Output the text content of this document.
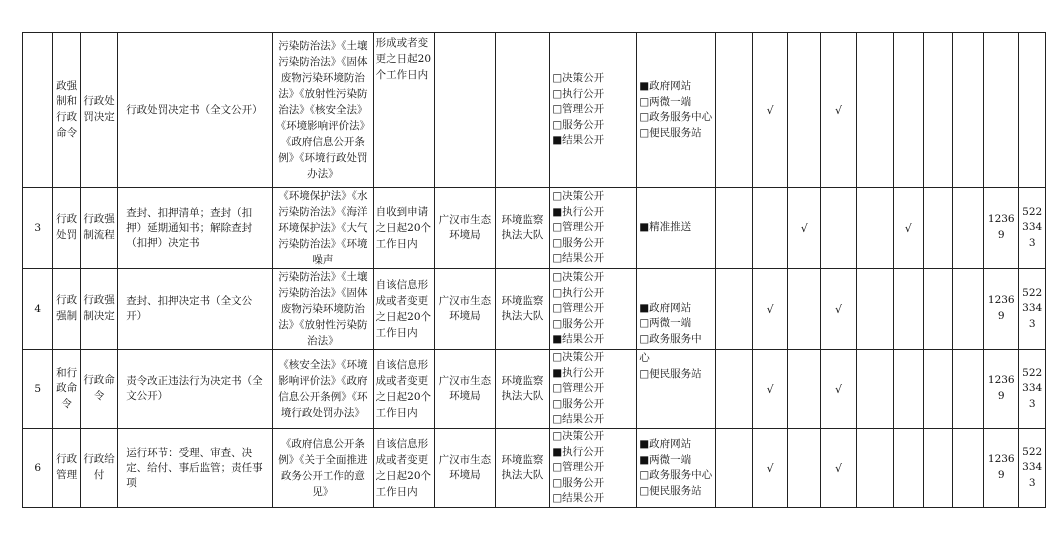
	政强制和行政命令	行政处罚决定	行政处罚决定书（全文公开）	污染防治法》《土壤污染防治法》《固体废物污染环境防治法》《放射性污染防治法》《核安全法》《环境影响评价法》《政府信息公开条例》《环境行政处罚办法》	形成或者变更之日起20个工作日内			□决策公开
□执行公开
□管理公开
□服务公开
■结果公开	■政府网站
□两微一端
□政务服务中心
□便民服务站		√		√						
3	行政处罚	行政强制流程	查封、扣押清单；查封（扣押）延期通知书；解除查封（扣押）决定书	《环境保护法》《水污染防治法》《海洋环境保护法》《大气污染防治法》《环境噪声	自收到申请之日起20个工作日内	广汉市生态环境局	环境监察执法大队	□决策公开
■执行公开
□管理公开
□服务公开
□结果公开	■精准推送			√			√			12369	5223343
4	行政强制	行政强制决定	查封、扣押决定书（全文公开）	污染防治法》《土壤污染防治法》《固体废物污染环境防治法》《放射性污染防治法》	自该信息形成或者变更之日起20个工作日内	广汉市生态环境局	环境监察执法大队	□决策公开
□执行公开
□管理公开
□服务公开
■结果公开	■政府网站
□两微一端
□政务服务中		√		√					12369	5223343
5	和行政命令	行政命令	责令改正违法行为决定书（全文公开）	《核安全法》《环境影响评价法》《政府信息公开条例》《环境行政处罚办法》	自该信息形成或者变更之日起20个工作日内	广汉市生态环境局	环境监察执法大队	□决策公开
■执行公开
□管理公开
□服务公开
□结果公开	心
□便民服务站		√		√					12369	5223343
6	行政管理	行政给付	运行环节：受理、审查、决定、给付、事后监管；责任事项	《政府信息公开条例》《关于全面推进政务公开工作的意见》	自该信息形成或者变更之日起20个工作日内	广汉市生态环境局	环境监察执法大队	□决策公开
■执行公开
□管理公开
□服务公开
□结果公开	■政府网站
■两微一端
□政务服务中心
□便民服务站		√		√					12369	5223343
